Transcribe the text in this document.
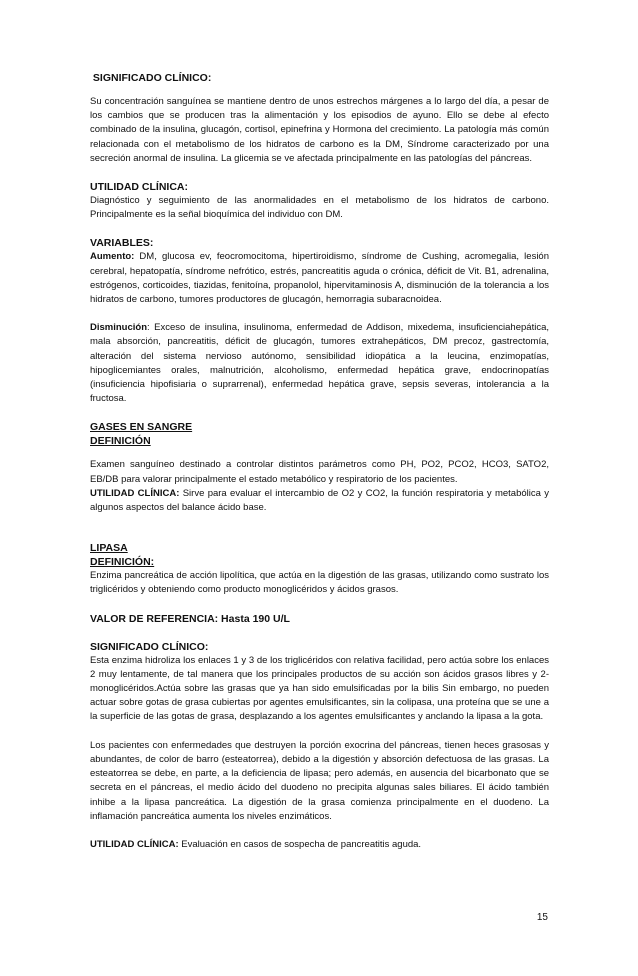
SIGNIFICADO CLÍNICO:

Su concentración sanguínea se mantiene dentro de unos estrechos márgenes a lo largo del día, a pesar de los cambios que se producen tras la alimentación y los episodios de ayuno. Ello se debe al efecto combinado de la insulina, glucagón, cortisol, epinefrina y Hormona del crecimiento. La patología más común relacionada con el metabolismo de los hidratos de carbono es la DM, Síndrome caracterizado por una secreción anormal de insulina. La glicemia se ve afectada principalmente en las patologías del páncreas.

UTILIDAD CLÍNICA:

Diagnóstico y seguimiento de las anormalidades en el metabolismo de los hidratos de carbono. Principalmente es la señal bioquímica del individuo con DM.

VARIABLES:

Aumento: DM, glucosa ev, feocromocitoma, hipertiroidismo, síndrome de Cushing, acromegalia, lesión cerebral, hepatopatía, síndrome nefrótico, estrés, pancreatitis aguda o crónica, déficit de Vit. B1, adrenalina, estrógenos, corticoides, tiazidas, fenitoína, propanolol, hipervitaminosis A, disminución de la tolerancia a los hidratos de carbono, tumores productores de glucagón, hemorragia subaracnoidea.

Disminución: Exceso de insulina, insulinoma, enfermedad de Addison, mixedema, insuficienciahepática, mala absorción, pancreatitis, déficit de glucagón, tumores extrahepáticos, DM precoz, gastrectomía, alteración del sistema nervioso autónomo, sensibilidad idiopática a la leucina, enzimopatías, hipoglicemiantes orales, malnutrición, alcoholismo, enfermedad hepática grave, endocrinopatías (insuficiencia hipofisiaria o suprarrenal), enfermedad hepática grave, sepsis severas, intolerancia a la fructosa.

GASES EN SANGRE
DEFINICIÓN

Examen sanguíneo destinado a controlar distintos parámetros como PH, PO2, PCO2, HCO3, SATO2, EB/DB para valorar principalmente el estado metabólico y respiratorio de los pacientes.

UTILIDAD CLÍNICA: Sirve para evaluar el intercambio de O2 y CO2, la función respiratoria y metabólica y algunos aspectos del balance ácido base.

LIPASA
DEFINICIÓN:

Enzima pancreática de acción lipolítica, que actúa en la digestión de las grasas, utilizando como sustrato los triglicéridos y obteniendo como producto monoglicéridos y ácidos grasos.

VALOR DE REFERENCIA: Hasta 190 U/L
SIGNIFICADO CLÍNICO:

Esta enzima hidroliza los enlaces 1 y 3 de los triglicéridos con relativa facilidad, pero actúa sobre los enlaces 2 muy lentamente, de tal manera que los principales productos de su acción son ácidos grasos libres y 2-monoglicéridos.Actúa sobre las grasas que ya han sido emulsificadas por la bilis Sin embargo, no pueden actuar sobre gotas de grasa cubiertas por agentes emulsificantes, sin la colipasa, una proteína que se une a la superficie de las gotas de grasa, desplazando a los agentes emulsificantes y anclando la lipasa a la gota.

Los pacientes con enfermedades que destruyen la porción exocrina del páncreas, tienen heces grasosas y abundantes, de color de barro (esteatorrea), debido a la digestión y absorción defectuosa de las grasas. La esteatorrea se debe, en parte, a la deficiencia de lipasa; pero además, en ausencia del bicarbonato que se secreta en el páncreas, el medio ácido del duodeno no precipita algunas sales biliares. El ácido también inhibe a la lipasa pancreática. La digestión de la grasa comienza principalmente en el duodeno. La inflamación pancreática aumenta los niveles enzimáticos.

UTILIDAD CLÍNICA: Evaluación en casos de sospecha de pancreatitis aguda.

15
